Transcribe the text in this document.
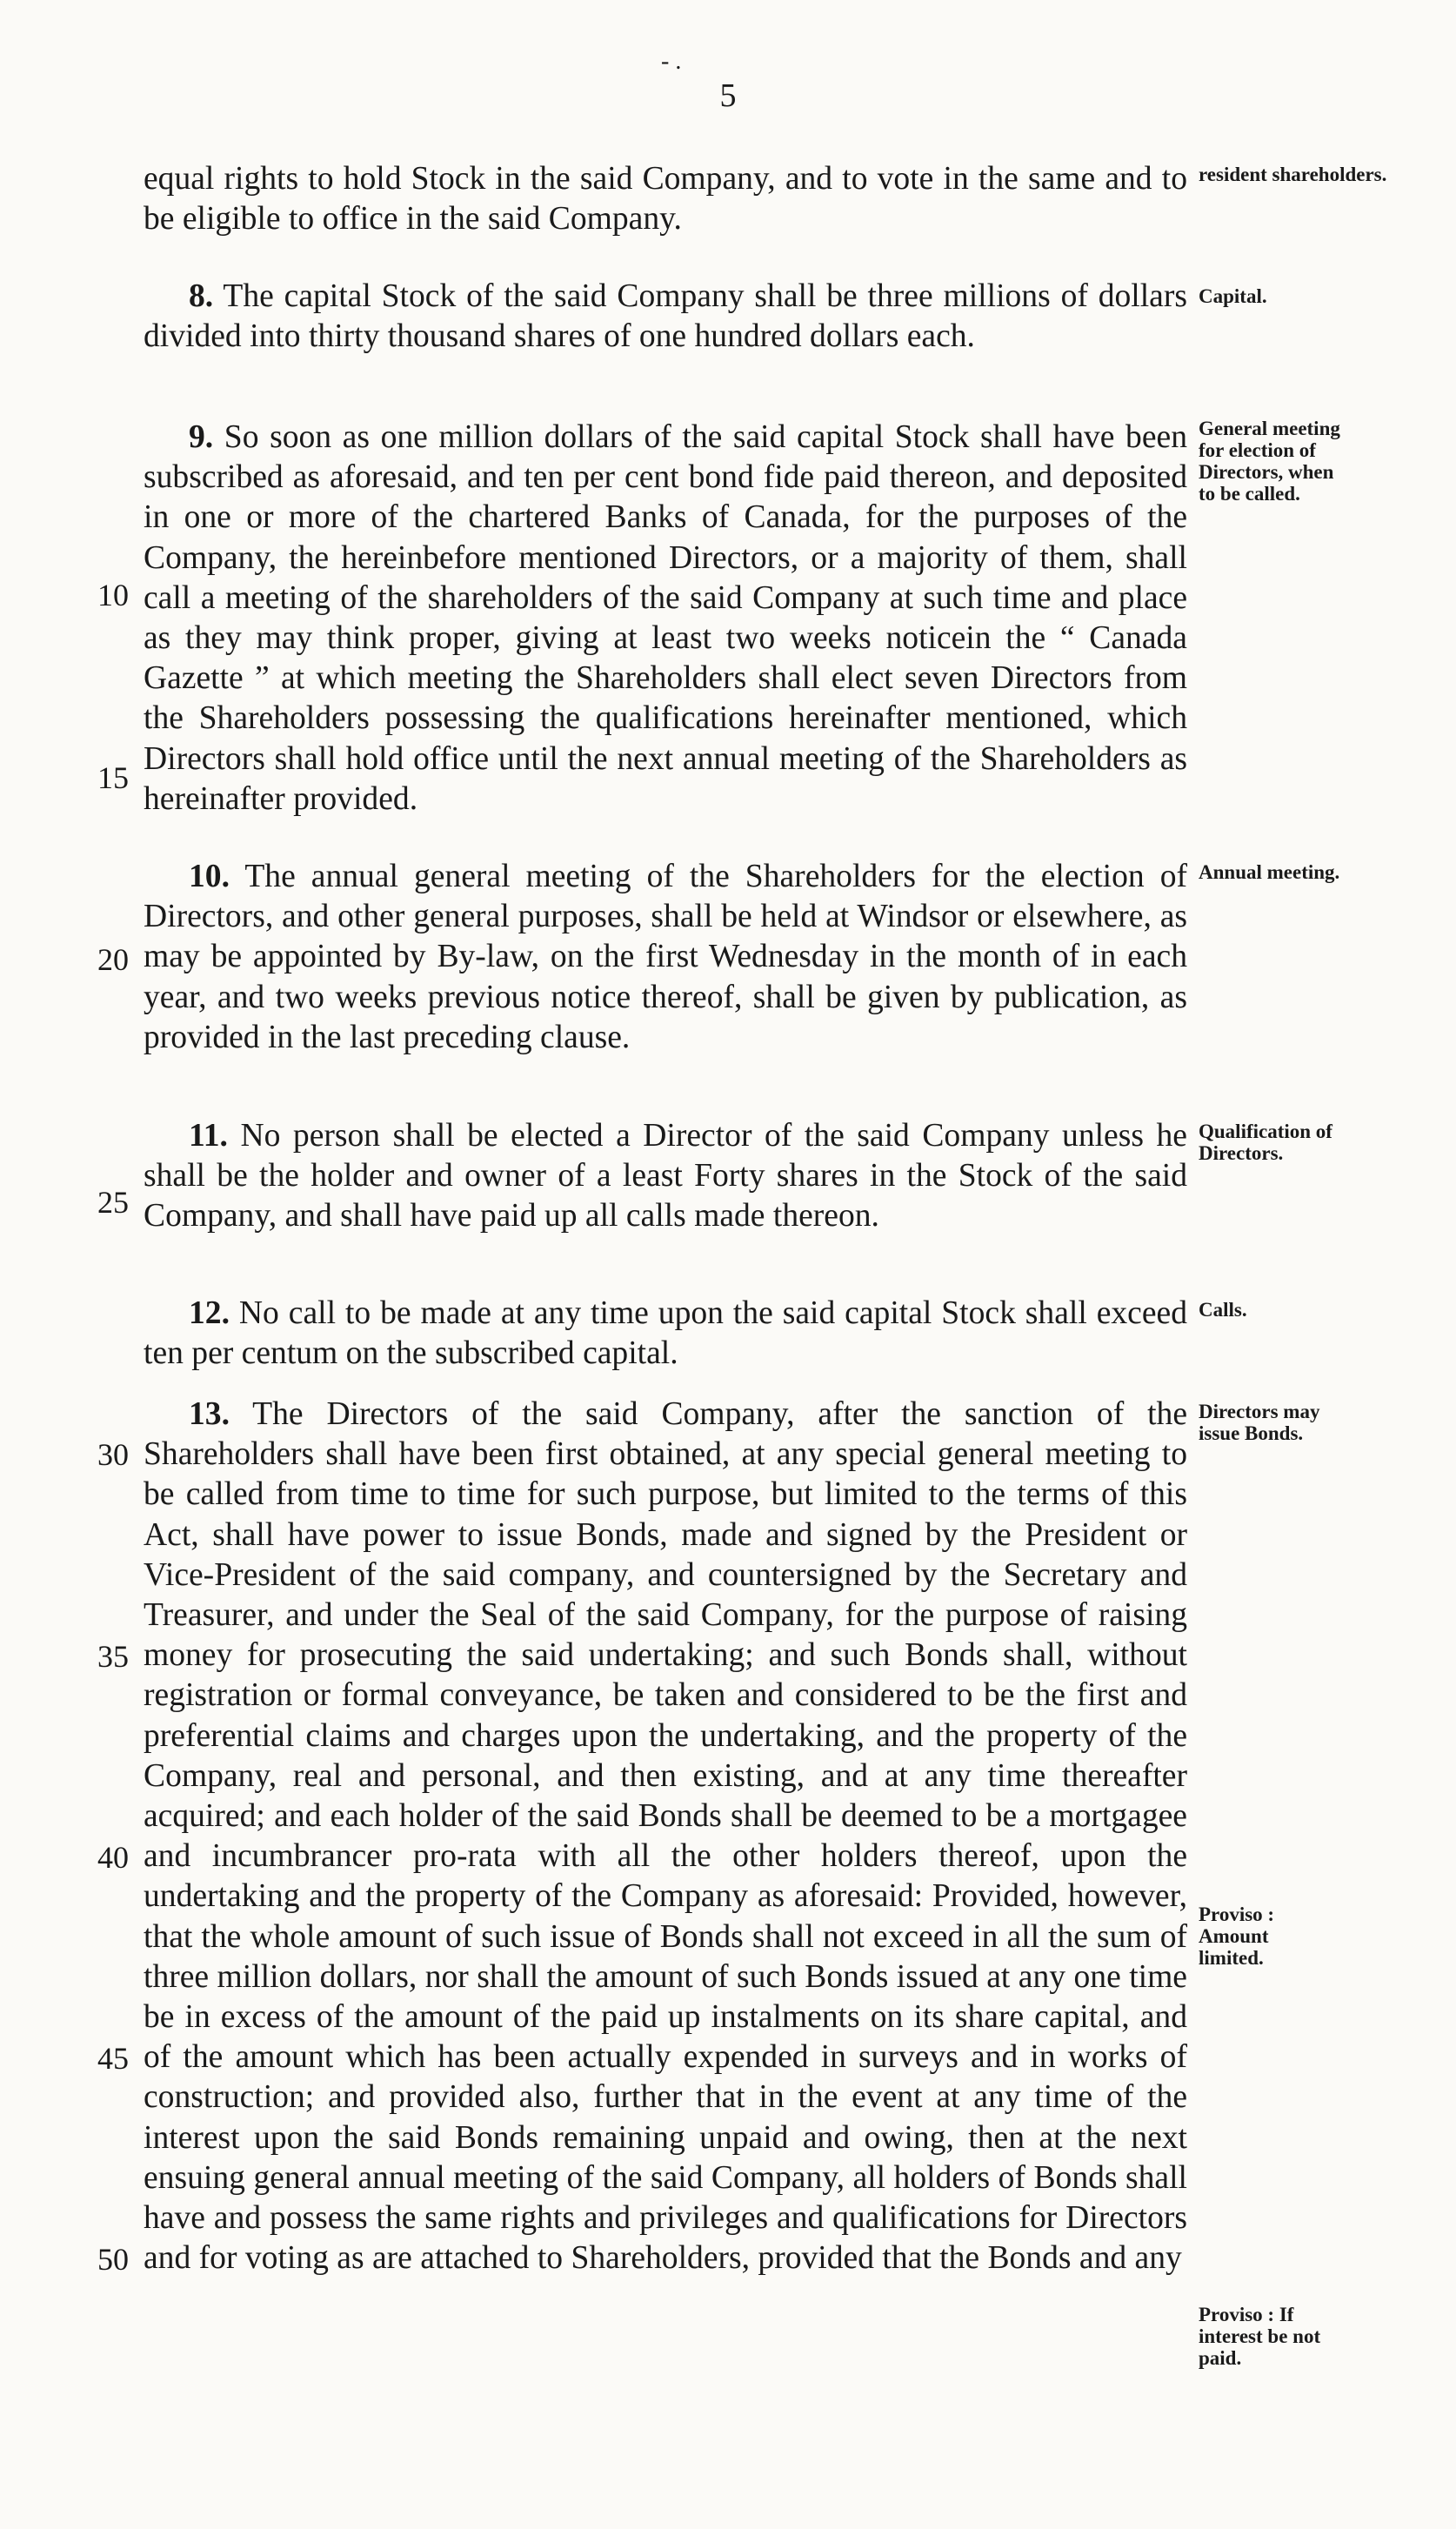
- .
5

equal rights to hold Stock in the said Company, and to vote in the same and to be eligible to office in the said Company.

8. The capital Stock of the said Company shall be three millions of dollars divided into thirty thousand shares of one hundred dollars each.

9. So soon as one million dollars of the said capital Stock shall have been subscribed as aforesaid, and ten per cent bond fide paid thereon, and deposited in one or more of the chartered Banks of Canada, for the purposes of the Company, the hereinbefore mentioned Directors, or a majority of them, shall call a meeting of the shareholders of the said Company at such time and place as they may think proper, giving at least two weeks noticein the “ Canada Gazette ” at which meeting the Shareholders shall elect seven Directors from the Shareholders possessing the qualifications hereinafter mentioned, which Directors shall hold office until the next annual meeting of the Shareholders as hereinafter provided.

10. The annual general meeting of the Shareholders for the election of Directors, and other general purposes, shall be held at Windsor or elsewhere, as may be appointed by By-law, on the first Wednesday in the month of in each year, and two weeks previous notice thereof, shall be given by publication, as provided in the last preceding clause.

11. No person shall be elected a Director of the said Company unless he shall be the holder and owner of a least Forty shares in the Stock of the said Company, and shall have paid up all calls made thereon.

12. No call to be made at any time upon the said capital Stock shall exceed ten per centum on the subscribed capital.

13. The Directors of the said Company, after the sanction of the Shareholders shall have been first obtained, at any special general meeting to be called from time to time for such purpose, but limited to the terms of this Act, shall have power to issue Bonds, made and signed by the President or Vice-President of the said company, and countersigned by the Secretary and Treasurer, and under the Seal of the said Company, for the purpose of raising money for prosecuting the said undertaking; and such Bonds shall, without registration or formal conveyance, be taken and considered to be the first and preferential claims and charges upon the undertaking, and the property of the Company, real and personal, and then existing, and at any time thereafter acquired; and each holder of the said Bonds shall be deemed to be a mortgagee and incumbrancer pro-rata with all the other holders thereof, upon the undertaking and the property of the Company as aforesaid: Provided, however, that the whole amount of such issue of Bonds shall not exceed in all the sum of three million dollars, nor shall the amount of such Bonds issued at any one time be in excess of the amount of the paid up instalments on its share capital, and of the amount which has been actually expended in surveys and in works of construction; and provided also, further that in the event at any time of the interest upon the said Bonds remaining unpaid and owing, then at the next ensuing general annual meeting of the said Company, all holders of Bonds shall have and possess the same rights and privileges and qualifications for Directors and for voting as are attached to Shareholders, provided that the Bonds and any

resident shareholders.
Capital.
General meeting for election of Directors, when to be called.
Annual meeting.
Qualification of Directors.
Calls.
Directors may issue Bonds.
Proviso : Amount limited.
Proviso : If interest be not paid.
10
15
20
25
30
35
40
45
50
